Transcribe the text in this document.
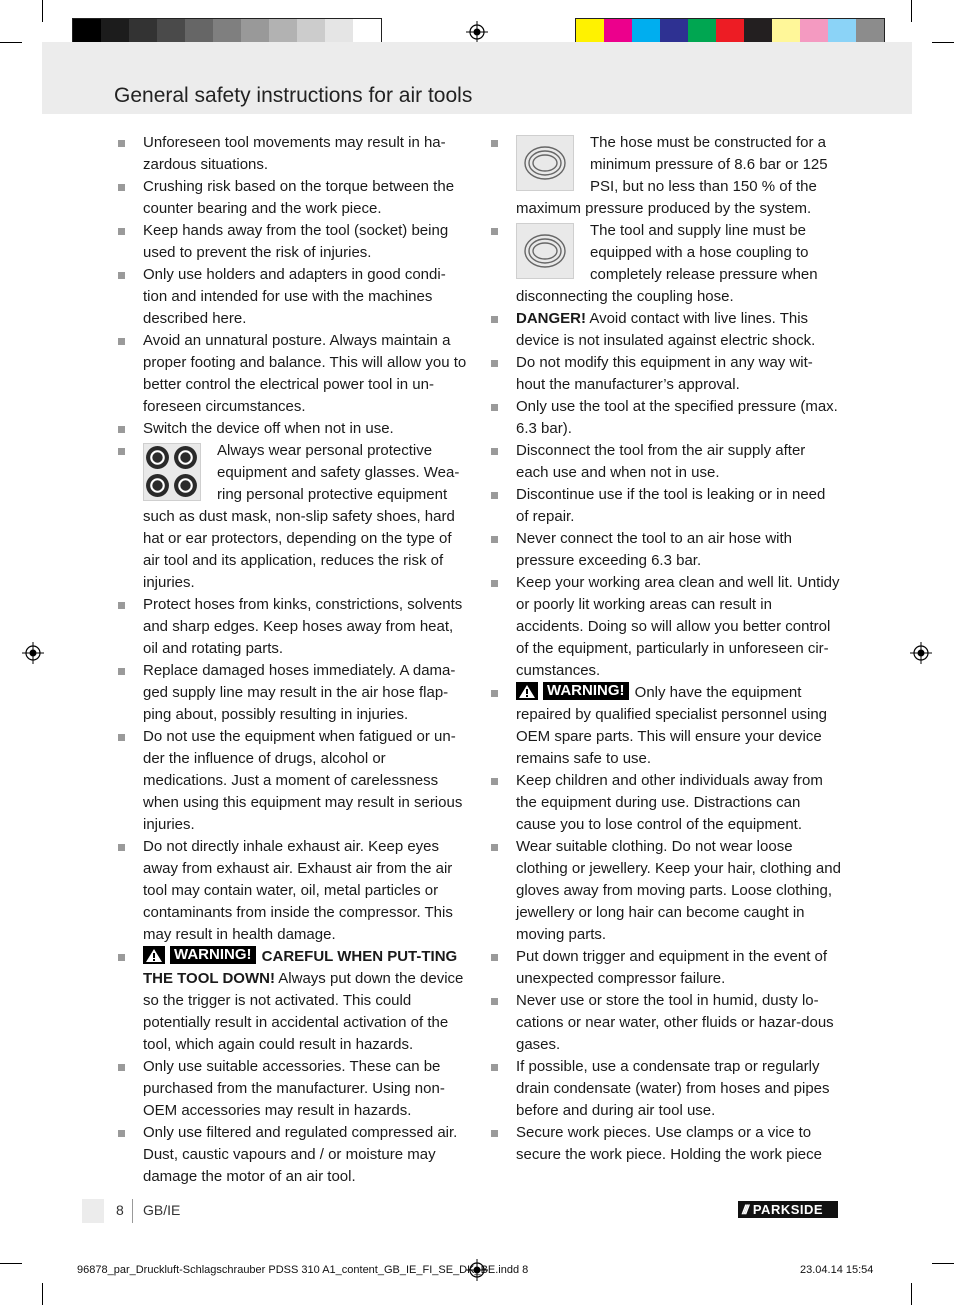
General safety instructions for air tools

Unforeseen tool movements may result in ha-zardous situations.

Crushing risk based on the torque between the counter bearing and the work piece.

Keep hands away from the tool (socket) being used to prevent the risk of injuries.

Only use holders and adapters in good condi-tion and intended for use with the machines described here.

Avoid an unnatural posture. Always maintain a proper footing and balance. This will allow you to better control the electrical power tool in un-foreseen circumstances.

Switch the device off when not in use.

Always wear personal protective equipment and safety glasses. Wea-ring personal protective equipment such as dust mask, non-slip safety shoes, hard hat or ear protectors, depending on the type of air tool and its application, reduces the risk of injuries.

Protect hoses from kinks, constrictions, solvents and sharp edges. Keep hoses away from heat, oil and rotating parts.

Replace damaged hoses immediately. A dama-ged supply line may result in the air hose flap-ping about, possibly resulting in injuries.

Do not use the equipment when fatigued or un-der the influence of drugs, alcohol or medications. Just a moment of carelessness when using this equipment may result in serious injuries.

Do not directly inhale exhaust air. Keep eyes away from exhaust air. Exhaust air from the air tool may contain water, oil, metal particles or contaminants from inside the compressor. This may result in health damage.

WARNING! CAREFUL WHEN PUT-TING THE TOOL DOWN! Always put down the device so the trigger is not activated. This could potentially result in accidental activation of the tool, which again could result in hazards.

Only use suitable accessories. These can be purchased from the manufacturer. Using non-OEM accessories may result in hazards.

Only use filtered and regulated compressed air. Dust, caustic vapours and / or moisture may damage the motor of an air tool.

The hose must be constructed for a minimum pressure of 8.6 bar or 125 PSI, but no less than 150 % of the maximum pressure produced by the system.

The tool and supply line must be equipped with a hose coupling to completely release pressure when disconnecting the coupling hose.

DANGER! Avoid contact with live lines. This device is not insulated against electric shock.

Do not modify this equipment in any way wit-hout the manufacturer’s approval.

Only use the tool at the specified pressure (max. 6.3 bar).

Disconnect the tool from the air supply after each use and when not in use.

Discontinue use if the tool is leaking or in need of repair.

Never connect the tool to an air hose with pressure exceeding 6.3 bar.

Keep your working area clean and well lit. Untidy or poorly lit working areas can result in accidents. Doing so will allow you better control of the equipment, particularly in unforeseen cir-cumstances.

WARNING! Only have the equipment repaired by qualified specialist personnel using OEM spare parts. This will ensure your device remains safe to use.

Keep children and other individuals away from the equipment during use. Distractions can cause you to lose control of the equipment.

Wear suitable clothing. Do not wear loose clothing or jewellery. Keep your hair, clothing and gloves away from moving parts. Loose clothing, jewellery or long hair can become caught in moving parts.

Put down trigger and equipment in the event of unexpected compressor failure.

Never use or store the tool in humid, dusty lo-cations or near water, other fluids or hazar-dous gases.

If possible, use a condensate trap or regularly drain condensate (water) from hoses and pipes before and during air tool use.

Secure work pieces. Use clamps or a vice to secure the work piece. Holding the work piece

8 GB/IE	/// PARKSIDE
96878_par_Druckluft-Schlagschrauber PDSS 310 A1_content_GB_IE_FI_SE_DK_BE.indd 8	23.04.14 15:54
